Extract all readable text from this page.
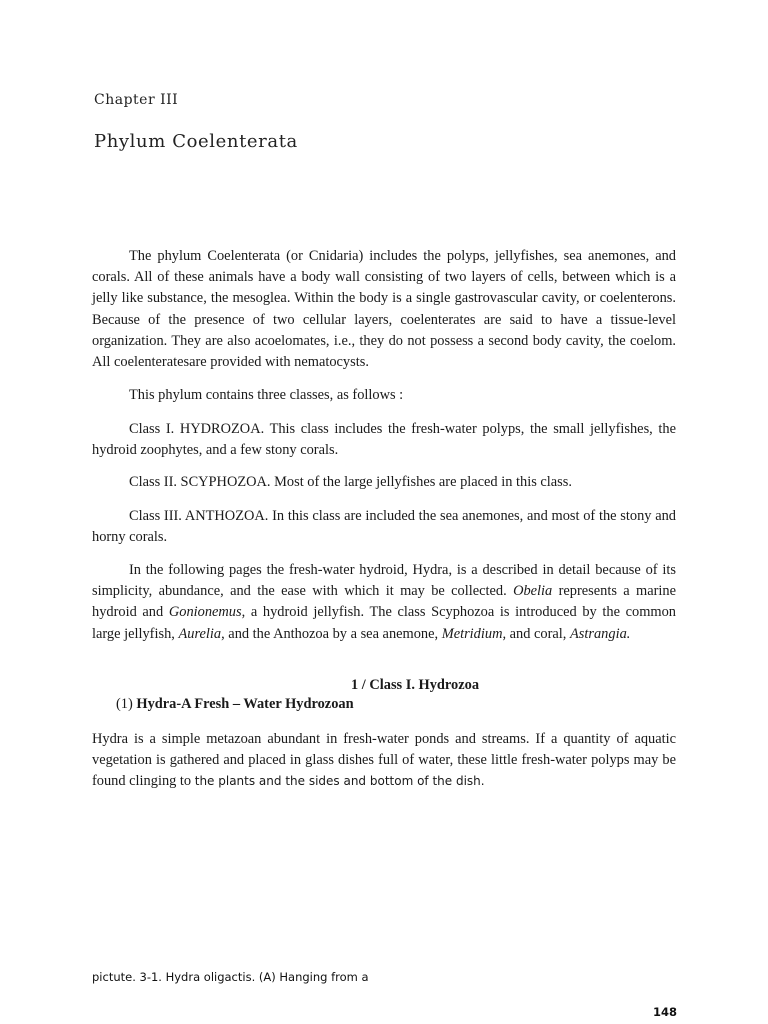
Chapter III
Phylum Coelenterata

The phylum Coelenterata (or Cnidaria) includes the polyps, jellyfishes, sea anemones, and corals. All of these animals have a body wall consisting of two layers of cells, between which is a jelly like substance, the mesoglea. Within the body is a single gastrovascular cavity, or coelenterons. Because of the presence of two cellular layers, coelenterates are said to have a tissue-level organization. They are also acoelomates, i.e., they do not possess a second body cavity, the coelom. All coelenteratesare provided with nematocysts.

This phylum contains three classes, as follows :

Class I. HYDROZOA. This class includes the fresh-water polyps, the small jellyfishes, the hydroid zoophytes, and a few stony corals.

Class II. SCYPHOZOA. Most of the large jellyfishes are placed in this class.

Class III. ANTHOZOA. In this class are included the sea anemones, and most of the stony and horny corals.

In the following pages the fresh-water hydroid, Hydra, is a described in detail because of its simplicity, abundance, and the ease with which it may be collected. Obelia represents a marine hydroid and Gonionemus, a hydroid jellyfish. The class Scyphozoa is introduced by the common large jellyfish, Aurelia, and the Anthozoa by a sea anemone, Metridium, and coral, Astrangia.

1 / Class I. Hydrozoa
(1) Hydra-A Fresh – Water Hydrozoan

Hydra is a simple metazoan abundant in fresh-water ponds and streams. If a quantity of aquatic vegetation is gathered and placed in glass dishes full of water, these little fresh-water polyps may be found clinging to the plants and the sides and bottom of the dish.

pictute. 3-1. Hydra oligactis. (A) Hanging from a
148
